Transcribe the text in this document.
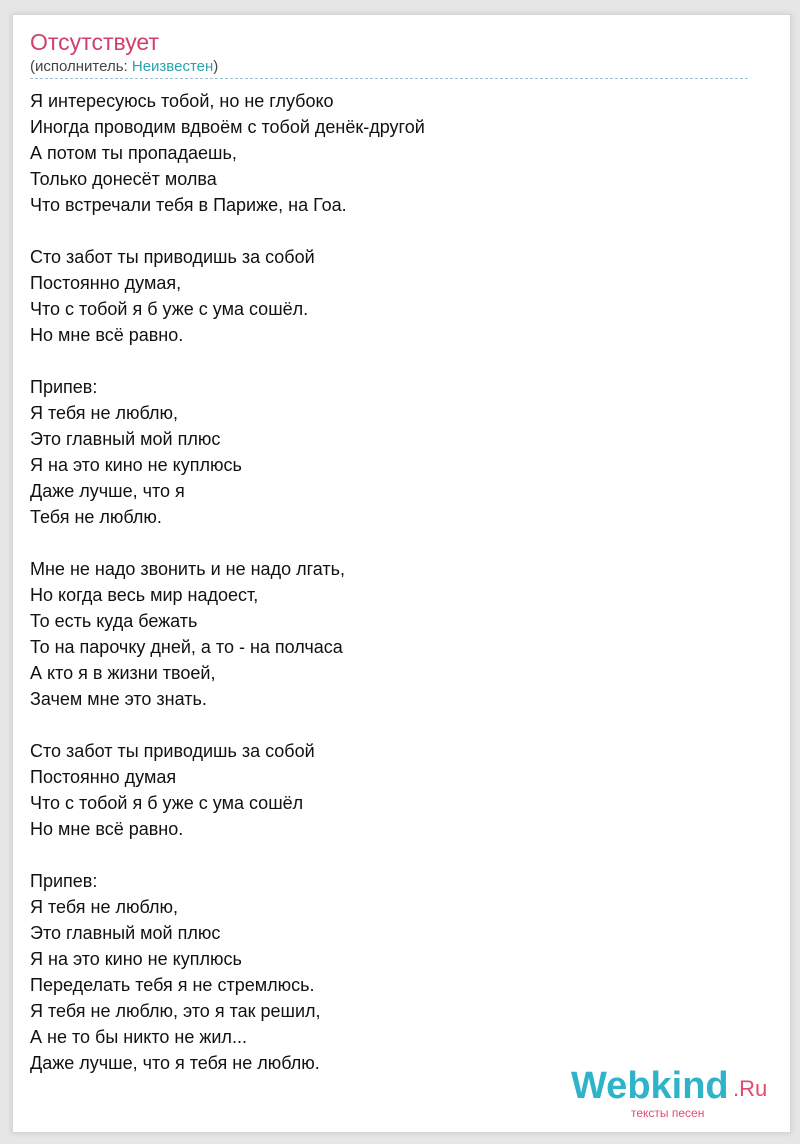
Отсутствует
(исполнитель: Неизвестен)
Я интересуюсь тобой, но не глубоко
Иногда проводим вдвоём с тобой денёк-другой
А потом ты пропадаешь,
Только донесёт молва
Что встречали тебя в Париже, на Гоа.
Сто забот ты приводишь за собой
Постоянно думая,
Что с тобой я б уже с ума сошёл.
Но мне всё равно.
Припев:
Я тебя не люблю,
Это главный мой плюс
Я на это кино не куплюсь
Даже лучше, что я
Тебя не люблю.
Мне не надо звонить и не надо лгать,
Но когда весь мир надоест,
То есть куда бежать
То на парочку дней, а то - на полчаса
А кто я в жизни твоей,
Зачем мне это знать.
Сто забот ты приводишь за собой
Постоянно думая
Что с тобой я б уже с ума сошёл
Но мне всё равно.
Припев:
Я тебя не люблю,
Это главный мой плюс
Я на это кино не куплюсь
Переделать тебя я не стремлюсь.
Я тебя не люблю, это я так решил,
А не то бы никто не жил...
Даже лучше, что я тебя не люблю.
Webkind .Ru
тексты песен
